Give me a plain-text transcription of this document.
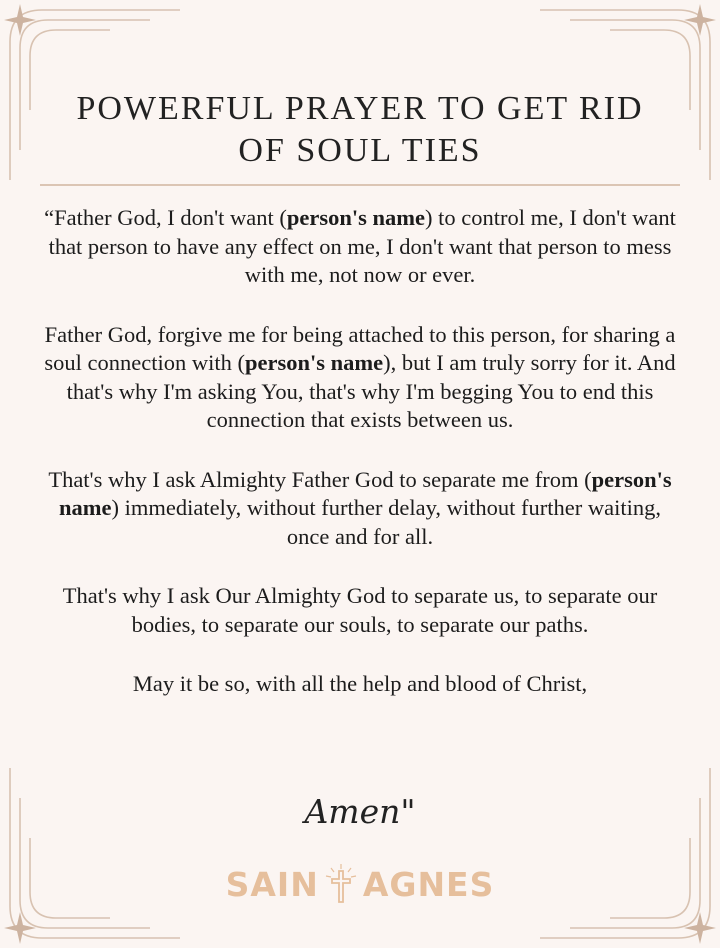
POWERFUL PRAYER TO GET RID OF SOUL TIES

“Father God, I don't want (person's name) to control me, I don't want that person to have any effect on me, I don't want that person to mess with me, not now or ever.

Father God, forgive me for being attached to this person, for sharing a soul connection with (person's name), but I am truly sorry for it. And that's why I'm asking You, that's why I'm begging You to end this connection that exists between us.

That's why I ask Almighty Father God to separate me from (person's name) immediately, without further delay, without further waiting, once and for all.

That's why I ask Our Almighty God to separate us, to separate our bodies, to separate our souls, to separate our paths.

May it be so, with all the help and blood of Christ,

Amen"
SAIN AGNES
